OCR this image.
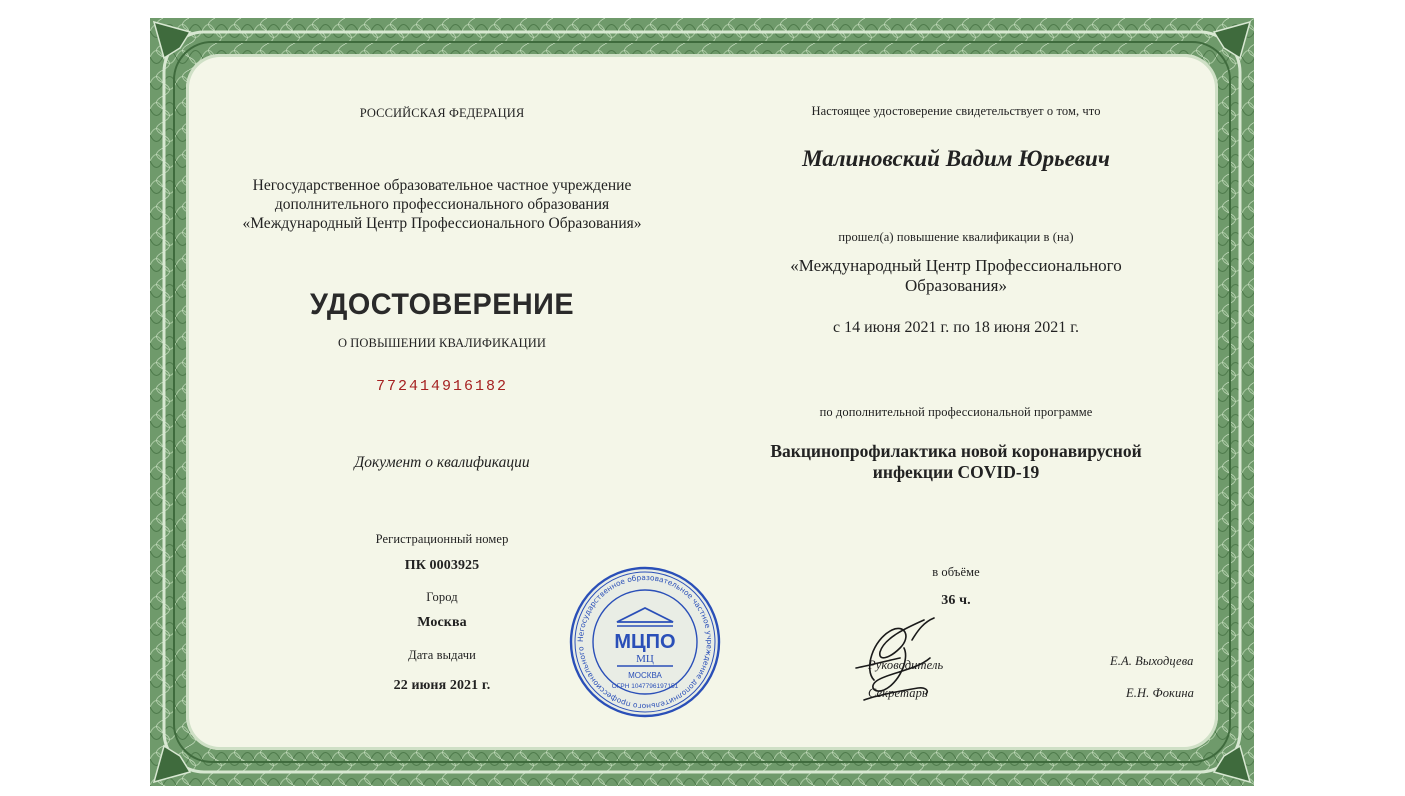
РОССИЙСКАЯ ФЕДЕРАЦИЯ
Негосударственное образовательное частное учреждение
дополнительного профессионального образования
«Международный Центр Профессионального Образования»
УДОСТОВЕРЕНИЕ
О ПОВЫШЕНИИ КВАЛИФИКАЦИИ
772414916182
Документ о квалификации
Регистрационный номер
ПК 0003925
Город
Москва
Дата выдачи
22 июня 2021 г.
Настоящее удостоверение свидетельствует о том, что
Малиновский Вадим Юрьевич
прошел(а) повышение квалификации в (на)
«Международный Центр Профессионального
Образования»
с 14 июня 2021 г. по 18 июня 2021 г.
по дополнительной профессиональной программе
Вакцинопрофилактика новой коронавирусной
инфекции COVID-19
в объёме
36 ч.
Руководитель
Секретарь
Е.А. Выходцева
Е.Н. Фокина
Негосударственное образовательное частное учреждение дополнительного профессионального	МЦПО
МЦ
МОСКВА
ОГРН 1047796197151
